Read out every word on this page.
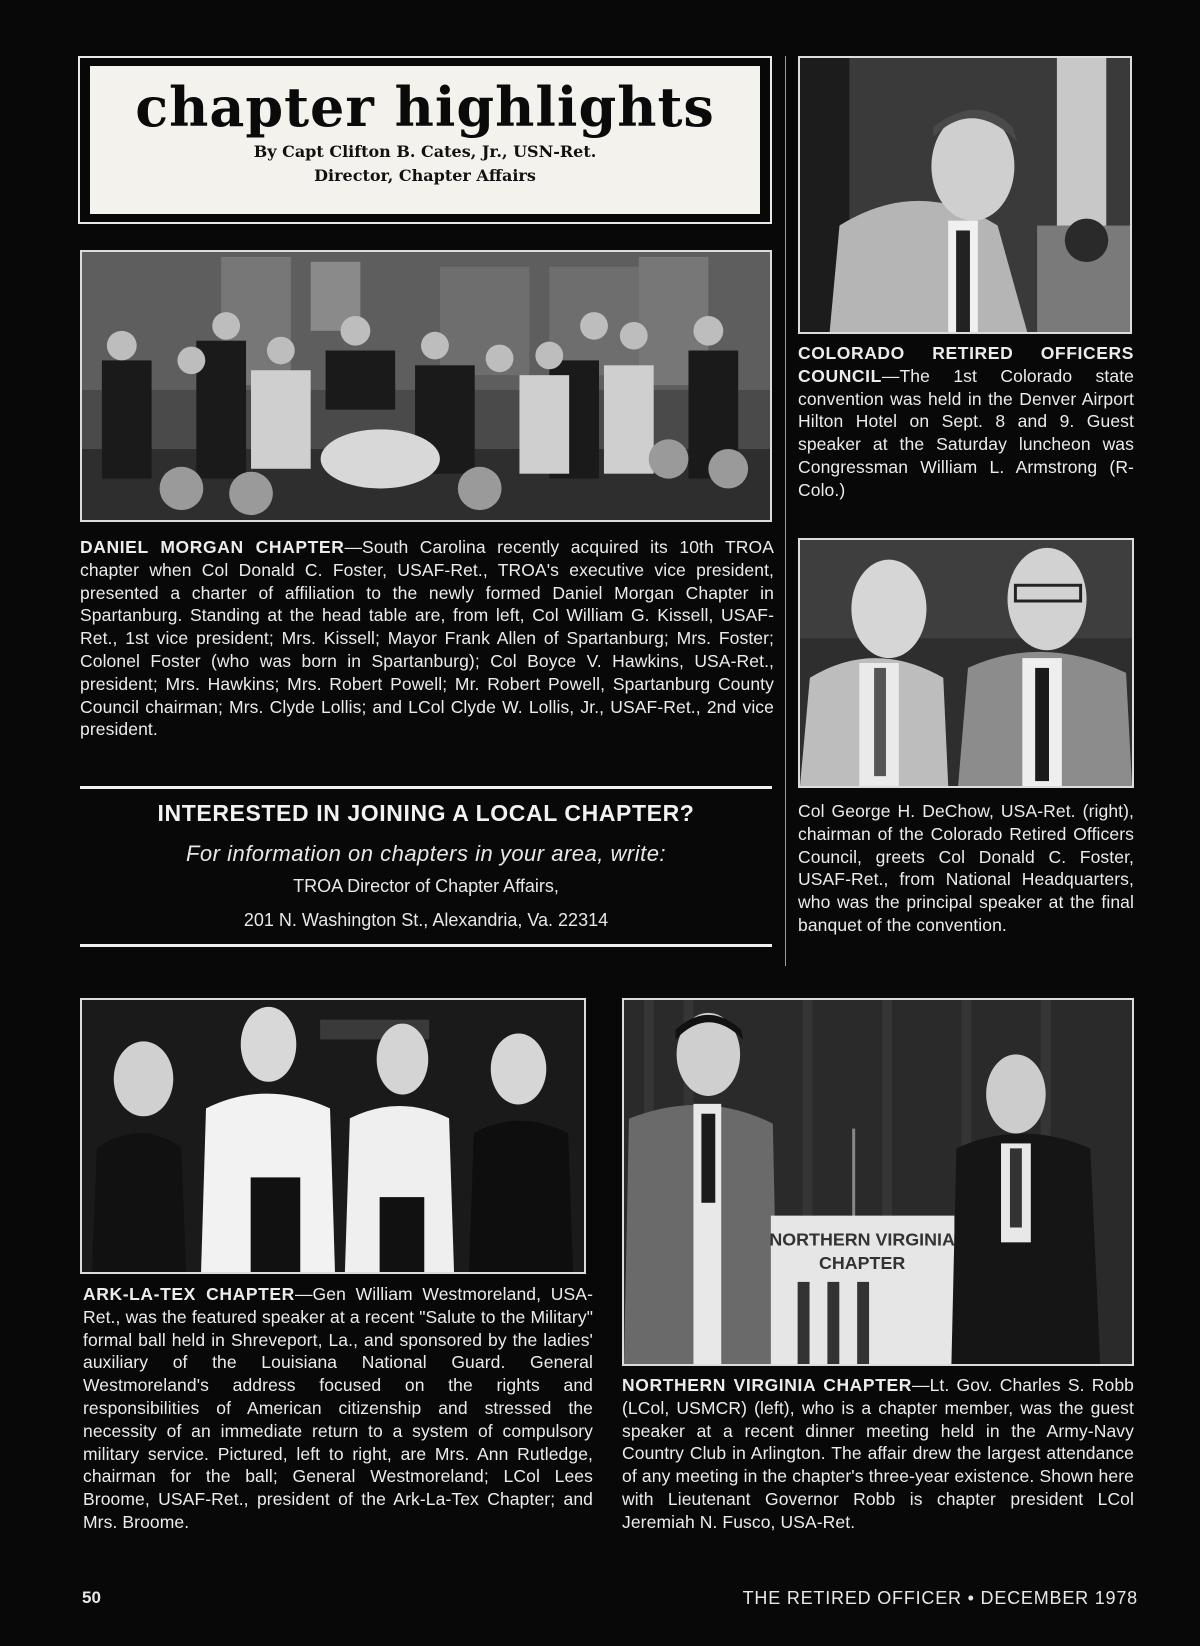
chapter highlights
By Capt Clifton B. Cates, Jr., USN-Ret.
Director, Chapter Affairs
DANIEL MORGAN CHAPTER—South Carolina recently acquired its 10th TROA chapter when Col Donald C. Foster, USAF-Ret., TROA's executive vice president, presented a charter of affiliation to the newly formed Daniel Morgan Chapter in Spartanburg. Standing at the head table are, from left, Col William G. Kissell, USAF-Ret., 1st vice president; Mrs. Kissell; Mayor Frank Allen of Spartanburg; Mrs. Foster; Colonel Foster (who was born in Spartanburg); Col Boyce V. Hawkins, USA-Ret., president; Mrs. Hawkins; Mrs. Robert Powell; Mr. Robert Powell, Spartanburg County Council chairman; Mrs. Clyde Lollis; and LCol Clyde W. Lollis, Jr., USAF-Ret., 2nd vice president.
INTERESTED IN JOINING A LOCAL CHAPTER?
For information on chapters in your area, write:
TROA Director of Chapter Affairs,
201 N. Washington St., Alexandria, Va. 22314
COLORADO RETIRED OFFICERS COUNCIL—The 1st Colorado state convention was held in the Denver Airport Hilton Hotel on Sept. 8 and 9. Guest speaker at the Saturday luncheon was Congressman William L. Armstrong (R-Colo.)
Col George H. DeChow, USA-Ret. (right), chairman of the Colorado Retired Officers Council, greets Col Donald C. Foster, USAF-Ret., from National Headquarters, who was the principal speaker at the final banquet of the convention.
ARK-LA-TEX CHAPTER—Gen William Westmoreland, USA-Ret., was the featured speaker at a recent "Salute to the Military" formal ball held in Shreveport, La., and sponsored by the ladies' auxiliary of the Louisiana National Guard. General Westmoreland's address focused on the rights and responsibilities of American citizenship and stressed the necessity of an immediate return to a system of compulsory military service. Pictured, left to right, are Mrs. Ann Rutledge, chairman for the ball; General Westmoreland; LCol Lees Broome, USAF-Ret., president of the Ark-La-Tex Chapter; and Mrs. Broome.
NORTHERN VIRGINIA
CHAPTER
NORTHERN VIRGINIA CHAPTER—Lt. Gov. Charles S. Robb (LCol, USMCR) (left), who is a chapter member, was the guest speaker at a recent dinner meeting held in the Army-Navy Country Club in Arlington. The affair drew the largest attendance of any meeting in the chapter's three-year existence. Shown here with Lieutenant Governor Robb is chapter president LCol Jeremiah N. Fusco, USA-Ret.
50	THE RETIRED OFFICER • DECEMBER 1978
